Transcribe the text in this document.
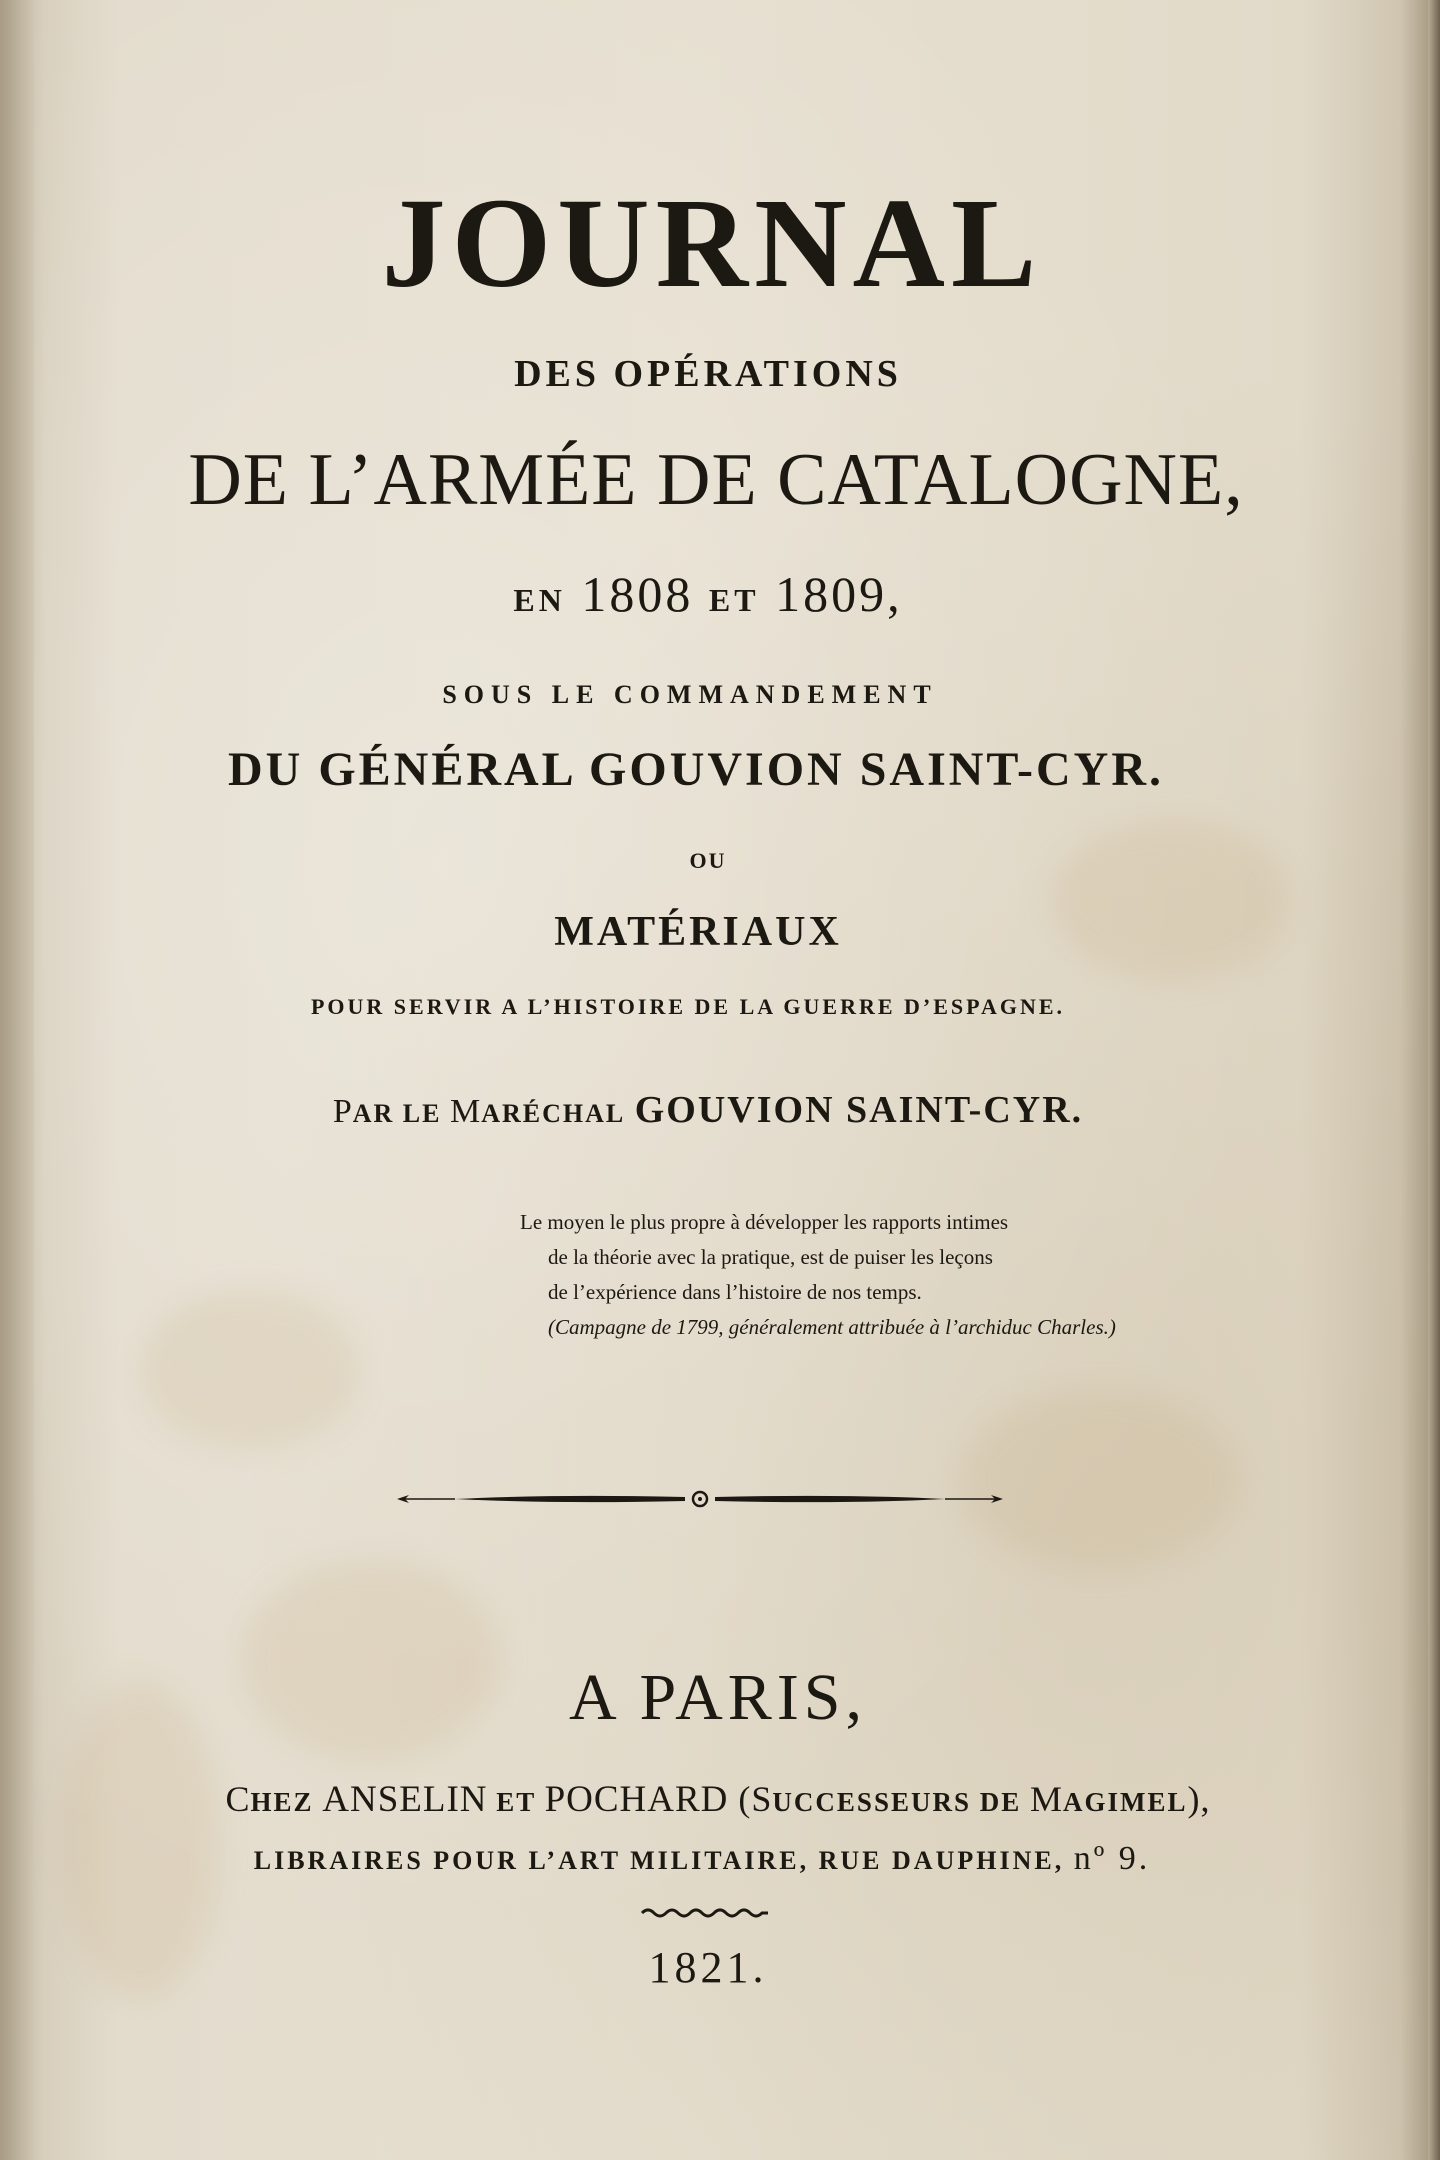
JOURNAL
DES OPÉRATIONS
DE L’ARMÉE DE CATALOGNE,
EN 1808 ET 1809,
SOUS LE COMMANDEMENT
DU GÉNÉRAL GOUVION SAINT-CYR.
OU
MATÉRIAUX
POUR SERVIR A L’HISTOIRE DE LA GUERRE D’ESPAGNE.
PAR LE MARÉCHAL GOUVION SAINT-CYR.
Le moyen le plus propre à développer les rapports intimes
de la théorie avec la pratique, est de puiser les leçons
de l’expérience dans l’histoire de nos temps.
(Campagne de 1799, généralement attribuée à l’archiduc Charles.)
A PARIS,
CHEZ ANSELIN ET POCHARD (SUCCESSEURS DE MAGIMEL),
LIBRAIRES POUR L’ART MILITAIRE, RUE DAUPHINE, nº 9.
1821.
